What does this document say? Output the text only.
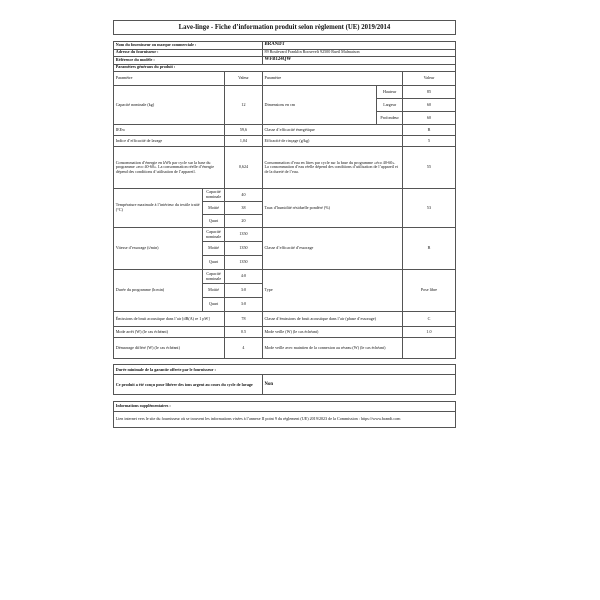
Lave-linge - Fiche d’information produit selon règlement (UE) 2019/2014					

Nom du fournisseur ou marque commerciale :			BRANDT		
Adresse du fournisseur :			89 Boulevard Franklin Roosevelt 92500 Rueil Malmaison		
Référence du modèle :			WFB124QW		
Paramètres généraux du produit :					
Paramètre		Valeur	Paramètre		Valeur
Capacité nominale (kg)		12	Dimensions en cm	Hauteur	85
				Largeur	60
				Profondeur	60
IEEw		59,6	Classe d’efficacité énergétique		B
Indice d’efficacité de lavage		1,04	Efficacité de rinçage (g/kg)		5
Consommation d’énergie en kWh par cycle sur la base du programme «eco 40-60». La consommation réelle d’énergie dépend des conditions d’utilisation de l’appareil.		0,624	Consommation d’eau en litres par cycle sur la base du programme «éco 40-60». La consommation d’eau réelle dépend des conditions d’utilisation de l’appareil et de la dureté de l’eau.		55
Température maximale à l’intérieur du textile traité (°C)	Capacité nominale	40	Taux d’humidité résiduelle pondéré (%)		53
	Moitié	38			
	Quart	20			
Vitesse d’essorage (t/min)	Capacité nominale	1350	Classe d’efficacité d’essorage		B
	Moitié	1350			
	Quart	1350			
Durée du programme (h:min)	Capacité nominale	4:0	Type		Pose libre
	Moitié	3:0			
	Quart	3:0			
Émissions de bruit acoustique dans l’air [dB(A) re 1 pW]		78	Classe d’émissions de bruit acoustique dans l’air (phase d’essorage)		C
Mode arrêt (W) (le cas échéant)		0.5	Mode veille (W) (le cas échéant)		1.0
Démarrage différé (W) (le cas échéant)		4	Mode veille avec maintien de la connexion au réseau (W) (le cas échéant)		

Durée minimale de la garantie offerte par le fournisseur :					
Ce produit a été conçu pour libérer des ions argent au cours du cycle de lavage			Non		

Informations supplémentaires :					
Lien internet vers le site du fournisseur où se trouvent les informations visées à l’annexe II point 9 du règlement (UE) 2019/2023 de la Commission : https://www.brandt.com					
